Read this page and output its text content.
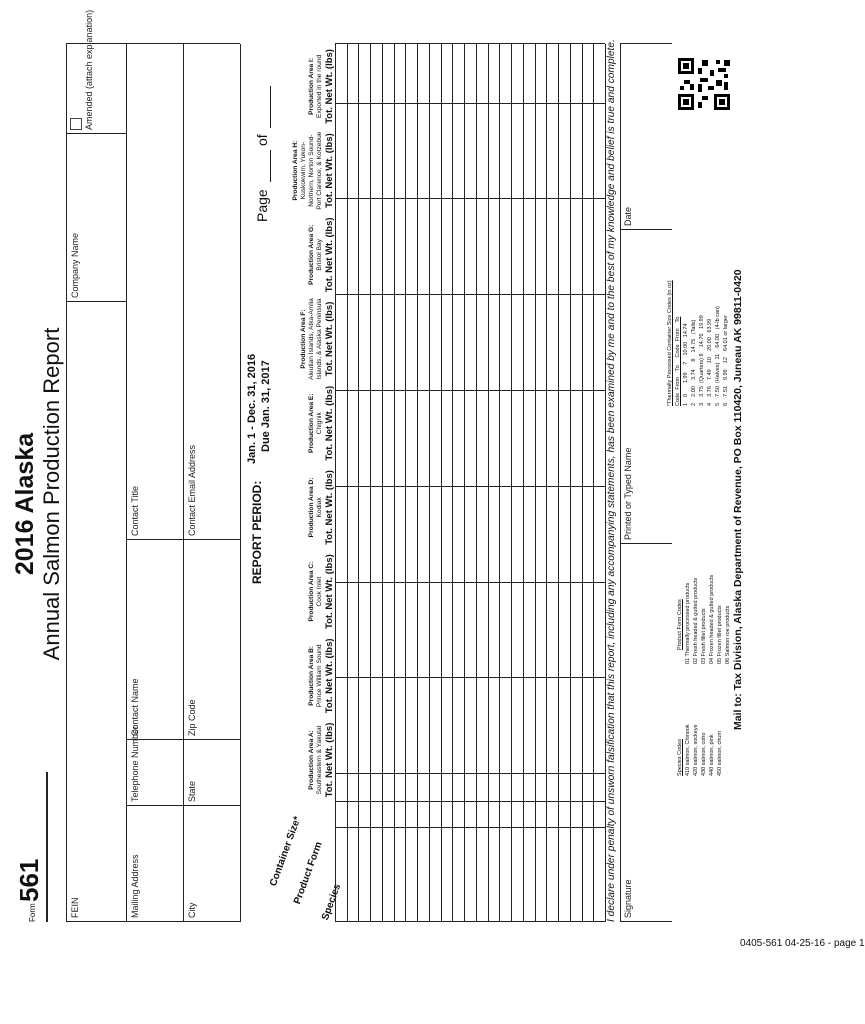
Form
561
2016 Alaska Annual Salmon Production Report
FEIN
Company Name
Amended (attach explanation)
Mailing Address
Telephone Number
Contact Name
Contact Title
City
State
Zip Code
Contact Email Address	REPORT PERIOD:
Jan. 1 - Dec. 31, 2016 Due Jan. 31, 2017
Page
of
Species
Product Form
Container Size*
Production Area A: Southeastern & Yakutat Tot. Net Wt. (lbs)
Production Area B: Prince William Sound Tot. Net Wt. (lbs)
Production Area C: Cook Inlet Tot. Net Wt. (lbs)
Production Area D: Kodiak Tot. Net Wt. (lbs)
Production Area E: Chignik Tot. Net Wt. (lbs)
Production Area F: Aleutian Islands, Atka-Amlia Islands, & Alaska Peninsula Tot. Net Wt. (lbs)
Production Area G: Bristol Bay Tot. Net Wt. (lbs)
Production Area H: Kuskokwim, Yukon-Northern, Norton Sound-Port Clarence, & Kotzebue Tot. Net Wt. (lbs)
Production Area I: Exported in the round Tot. Net Wt. (lbs)	I declare under penalty of unsworn falsification that this report, including any accompanying statements, has been examined by me and to the best of my knowledge and belief is true and complete. Signature
Printed or Typed Name
Date
Species Codes 410 salmon, Chinook 420 salmon, sockeye 430 salmon, coho 440 salmon, pink 450 salmon, chum
Product Form Codes 01 Thermally processed products 02 Fresh headed & gutted products 03 Fresh fillet products 04 Frozen headed & gutted products 05 Frozen fillet products 06 Salmon roe products
*Thermally Processed Container Size Codes (in oz) Code  From    To     Code  From    To 1    0       1.99     7    10.00   14.74 2    2.00    3.74     8    14.75   (Talls) 3    3.75  (Quarters) 9    14.76   19.99 4    3.76    7.49    10    20.00   63.99 5    7.50  (Halves)  11    64.00   (4-lb can) 6    7.51    9.99    12    64.01 or larger Mail to: Tax Division, Alaska Department of Revenue, PO Box 110420, Juneau AK 99811-0420
0405-561 04-25-16 - page 1
